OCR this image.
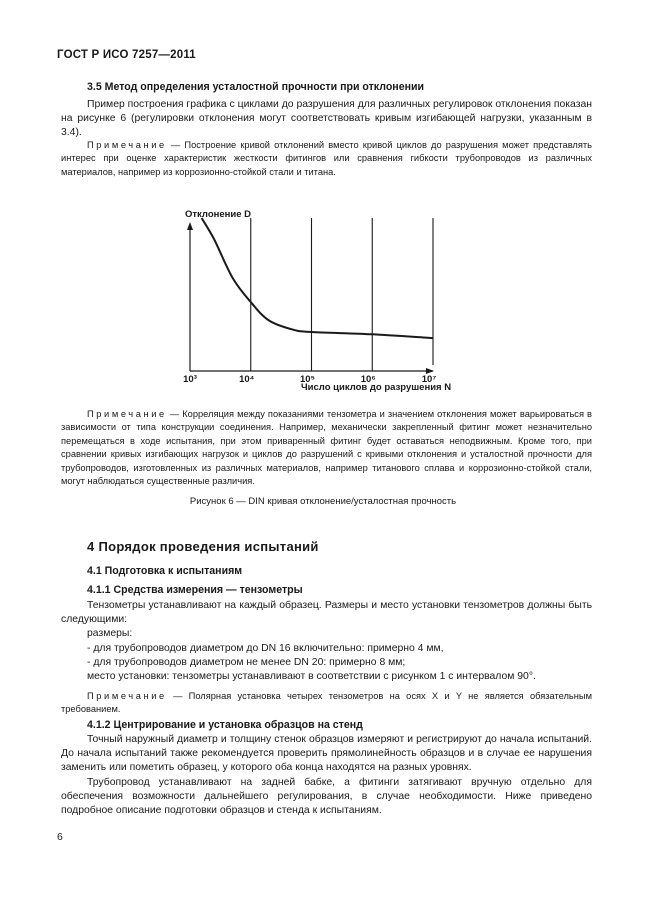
ГОСТ Р ИСО 7257—2011
3.5 Метод определения усталостной прочности при отклонении
Пример построения графика с циклами до разрушения для различных регулировок отклонения показан на рисунке 6 (регулировки отклонения могут соответствовать кривым изгибающей нагрузки, указанным в 3.4).
Примечание — Построение кривой отклонений вместо кривой циклов до разрушения может представлять интерес при оценке характеристик жесткости фитингов или сравнения гибкости трубопроводов из различных материалов, например из коррозионно-стойкой стали и титана.
Отклонение D
10³	10⁴	10⁵	10⁶	10⁷
Число циклов до разрушения N
Примечание — Корреляция между показаниями тензометра и значением отклонения может варьироваться в зависимости от типа конструкции соединения. Например, механически закрепленный фитинг может незначительно перемещаться в ходе испытания, при этом приваренный фитинг будет оставаться неподвижным. Кроме того, при сравнении кривых изгибающих нагрузок и циклов до разрушений с кривыми отклонения и усталостной прочности для трубопроводов, изготовленных из различных материалов, например титанового сплава и коррозионно-стойкой стали, могут наблюдаться существенные различия.
Рисунок 6 — DIN кривая отклонение/усталостная прочность
4 Порядок проведения испытаний
4.1 Подготовка к испытаниям
4.1.1 Средства измерения — тензометры
Тензометры устанавливают на каждый образец. Размеры и место установки тензометров должны быть следующими:
размеры:
- для трубопроводов диаметром до DN 16 включительно: примерно 4 мм,
- для трубопроводов диаметром не менее DN 20: примерно 8 мм;
место установки: тензометры устанавливают в соответствии с рисунком 1 с интервалом 90°.
Примечание — Полярная установка четырех тензометров на осях X и Y не является обязательным требованием.
4.1.2 Центрирование и установка образцов на стенд
Точный наружный диаметр и толщину стенок образцов измеряют и регистрируют до начала испытаний. До начала испытаний также рекомендуется проверить прямолинейность образцов и в случае ее нарушения заменить или пометить образец, у которого оба конца находятся на разных уровнях.
Трубопровод устанавливают на задней бабке, а фитинги затягивают вручную отдельно для обеспечения возможности дальнейшего регулирования, в случае необходимости. Ниже приведено подробное описание подготовки образцов и стенда к испытаниям.
6
